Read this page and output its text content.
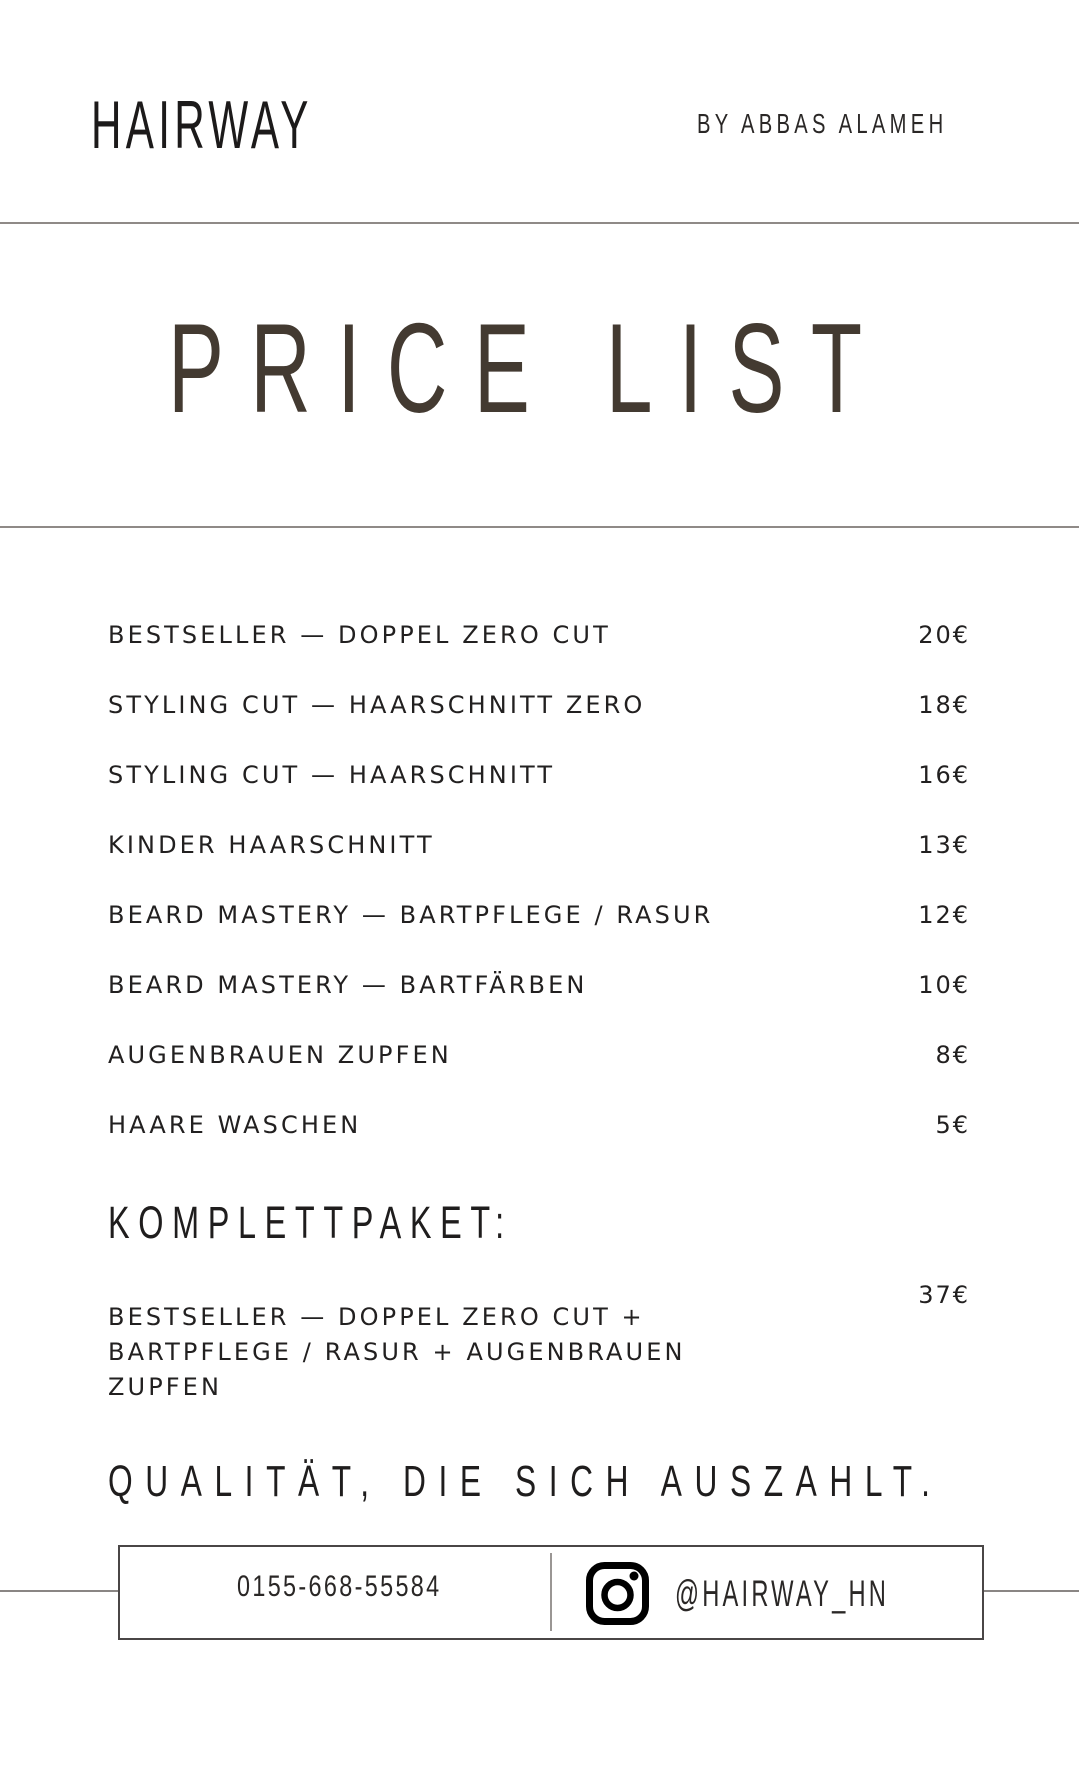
HAIRWAY	BY ABBAS ALAMEH
PRICE LIST
BESTSELLER — DOPPEL ZERO CUT	20€
STYLING CUT — HAARSCHNITT ZERO	18€
STYLING CUT — HAARSCHNITT	16€
KINDER HAARSCHNITT	13€
BEARD MASTERY — BARTPFLEGE / RASUR	12€
BEARD MASTERY — BARTFÄRBEN	10€
AUGENBRAUEN ZUPFEN	8€
HAARE WASCHEN	5€
KOMPLETTPAKET:
BESTSELLER — DOPPEL ZERO CUT + BARTPFLEGE / RASUR + AUGENBRAUEN ZUPFEN
37€
QUALITÄT, DIE SICH AUSZAHLT.
0155-668-55584	@HAIRWAY_HN
